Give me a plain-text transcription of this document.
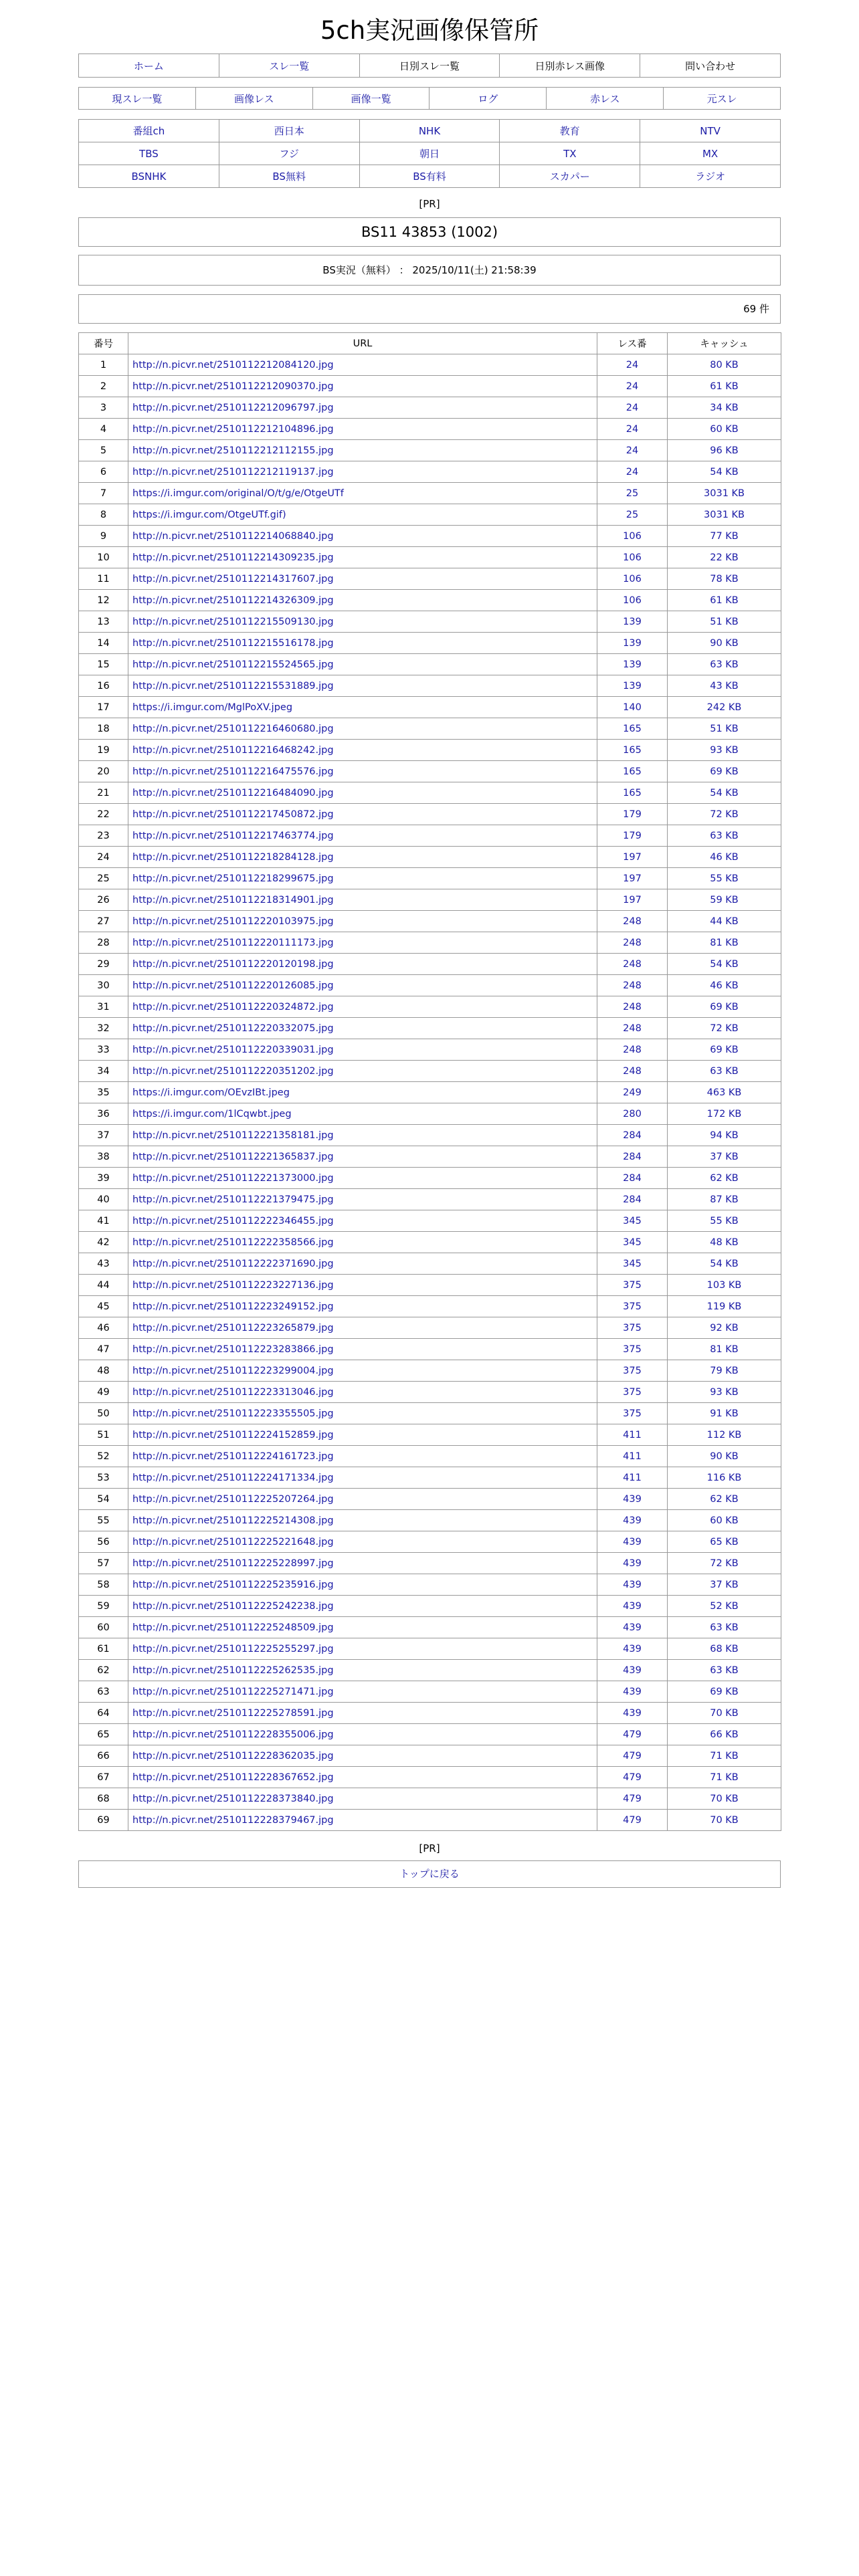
5ch実況画像保管所
ホーム	スレ一覧	日別スレ一覧	日別赤レス画像	問い合わせ
現スレ一覧	画像レス	画像一覧	ログ	赤レス	元スレ
番組ch	西日本	NHK	教育	NTV
TBS	フジ	朝日	TX	MX
BSNHK	BS無料	BS有料	スカパー	ラジオ
[PR]
BS11 43853 (1002)
BS実況（無料） ： 2025/10/11(土) 21:58:39
69 件
番号	URL	レス番	キャッシュ
1	http://n.picvr.net/2510112212084120.jpg	24	80 KB
2	http://n.picvr.net/2510112212090370.jpg	24	61 KB
3	http://n.picvr.net/2510112212096797.jpg	24	34 KB
4	http://n.picvr.net/2510112212104896.jpg	24	60 KB
5	http://n.picvr.net/2510112212112155.jpg	24	96 KB
6	http://n.picvr.net/2510112212119137.jpg	24	54 KB
7	https://i.imgur.com/original/O/t/g/e/OtgeUTf	25	3031 KB
8	https://i.imgur.com/OtgeUTf.gif)	25	3031 KB
9	http://n.picvr.net/2510112214068840.jpg	106	77 KB
10	http://n.picvr.net/2510112214309235.jpg	106	22 KB
11	http://n.picvr.net/2510112214317607.jpg	106	78 KB
12	http://n.picvr.net/2510112214326309.jpg	106	61 KB
13	http://n.picvr.net/2510112215509130.jpg	139	51 KB
14	http://n.picvr.net/2510112215516178.jpg	139	90 KB
15	http://n.picvr.net/2510112215524565.jpg	139	63 KB
16	http://n.picvr.net/2510112215531889.jpg	139	43 KB
17	https://i.imgur.com/MglPoXV.jpeg	140	242 KB
18	http://n.picvr.net/2510112216460680.jpg	165	51 KB
19	http://n.picvr.net/2510112216468242.jpg	165	93 KB
20	http://n.picvr.net/2510112216475576.jpg	165	69 KB
21	http://n.picvr.net/2510112216484090.jpg	165	54 KB
22	http://n.picvr.net/2510112217450872.jpg	179	72 KB
23	http://n.picvr.net/2510112217463774.jpg	179	63 KB
24	http://n.picvr.net/2510112218284128.jpg	197	46 KB
25	http://n.picvr.net/2510112218299675.jpg	197	55 KB
26	http://n.picvr.net/2510112218314901.jpg	197	59 KB
27	http://n.picvr.net/2510112220103975.jpg	248	44 KB
28	http://n.picvr.net/2510112220111173.jpg	248	81 KB
29	http://n.picvr.net/2510112220120198.jpg	248	54 KB
30	http://n.picvr.net/2510112220126085.jpg	248	46 KB
31	http://n.picvr.net/2510112220324872.jpg	248	69 KB
32	http://n.picvr.net/2510112220332075.jpg	248	72 KB
33	http://n.picvr.net/2510112220339031.jpg	248	69 KB
34	http://n.picvr.net/2510112220351202.jpg	248	63 KB
35	https://i.imgur.com/OEvzIBt.jpeg	249	463 KB
36	https://i.imgur.com/1lCqwbt.jpeg	280	172 KB
37	http://n.picvr.net/2510112221358181.jpg	284	94 KB
38	http://n.picvr.net/2510112221365837.jpg	284	37 KB
39	http://n.picvr.net/2510112221373000.jpg	284	62 KB
40	http://n.picvr.net/2510112221379475.jpg	284	87 KB
41	http://n.picvr.net/2510112222346455.jpg	345	55 KB
42	http://n.picvr.net/2510112222358566.jpg	345	48 KB
43	http://n.picvr.net/2510112222371690.jpg	345	54 KB
44	http://n.picvr.net/2510112223227136.jpg	375	103 KB
45	http://n.picvr.net/2510112223249152.jpg	375	119 KB
46	http://n.picvr.net/2510112223265879.jpg	375	92 KB
47	http://n.picvr.net/2510112223283866.jpg	375	81 KB
48	http://n.picvr.net/2510112223299004.jpg	375	79 KB
49	http://n.picvr.net/2510112223313046.jpg	375	93 KB
50	http://n.picvr.net/2510112223355505.jpg	375	91 KB
51	http://n.picvr.net/2510112224152859.jpg	411	112 KB
52	http://n.picvr.net/2510112224161723.jpg	411	90 KB
53	http://n.picvr.net/2510112224171334.jpg	411	116 KB
54	http://n.picvr.net/2510112225207264.jpg	439	62 KB
55	http://n.picvr.net/2510112225214308.jpg	439	60 KB
56	http://n.picvr.net/2510112225221648.jpg	439	65 KB
57	http://n.picvr.net/2510112225228997.jpg	439	72 KB
58	http://n.picvr.net/2510112225235916.jpg	439	37 KB
59	http://n.picvr.net/2510112225242238.jpg	439	52 KB
60	http://n.picvr.net/2510112225248509.jpg	439	63 KB
61	http://n.picvr.net/2510112225255297.jpg	439	68 KB
62	http://n.picvr.net/2510112225262535.jpg	439	63 KB
63	http://n.picvr.net/2510112225271471.jpg	439	69 KB
64	http://n.picvr.net/2510112225278591.jpg	439	70 KB
65	http://n.picvr.net/2510112228355006.jpg	479	66 KB
66	http://n.picvr.net/2510112228362035.jpg	479	71 KB
67	http://n.picvr.net/2510112228367652.jpg	479	71 KB
68	http://n.picvr.net/2510112228373840.jpg	479	70 KB
69	http://n.picvr.net/2510112228379467.jpg	479	70 KB
[PR]
トップに戻る
